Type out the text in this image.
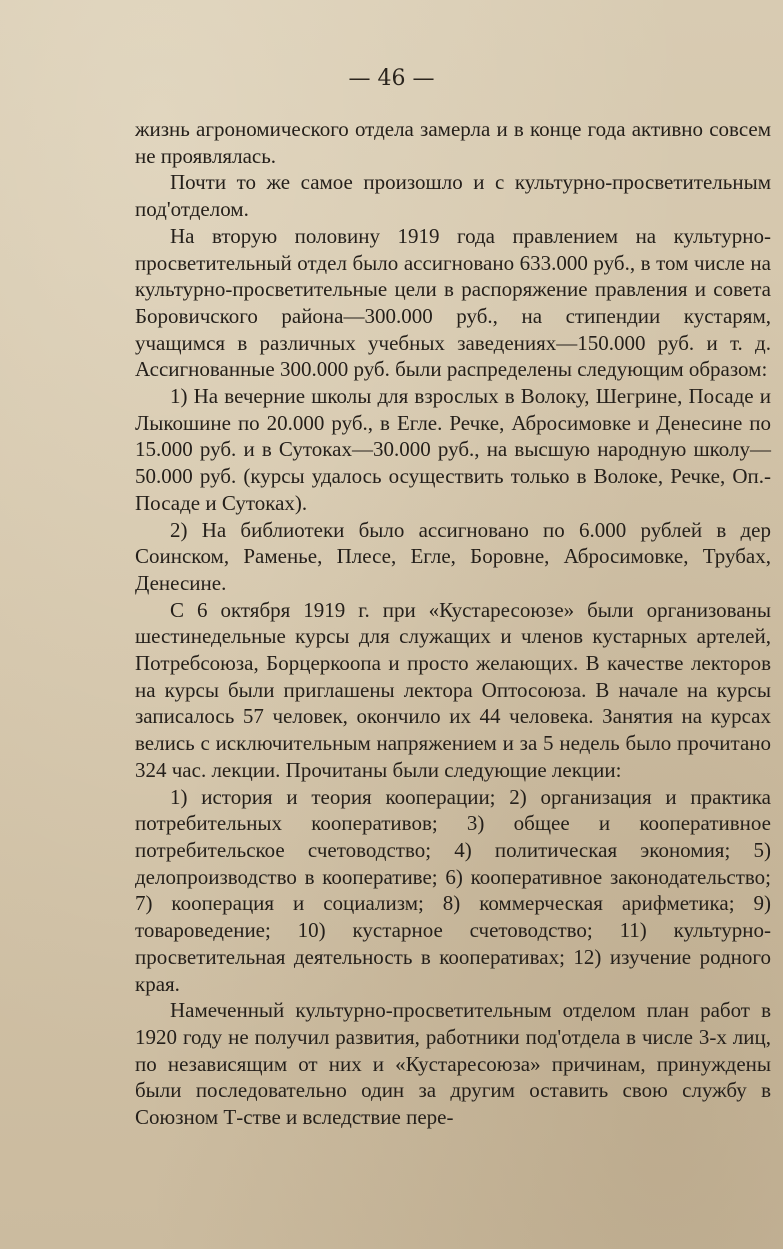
— 46 —

жизнь агрономического отдела замерла и в конце года активно совсем не проявлялась.

Почти то же самое произошло и с культурно-просветительным под'отделом.

На вторую половину 1919 года правлением на культурно-просветительный отдел было ассигновано 633.000 руб., в том числе на культурно-просветительные цели в распоряжение правления и совета Боровичского района—300.000 руб., на стипендии кустарям, учащимся в различных учебных заведениях—150.000 руб. и т. д. Ассигнованные 300.000 руб. были распределены следующим образом:

1) На вечерние школы для взрослых в Волоку, Шегрине, Посаде и Лыкошине по 20.000 руб., в Егле. Речке, Абросимовке и Денесине по 15.000 руб. и в Сутоках—30.000 руб., на высшую народную школу—50.000 руб. (курсы удалось осуществить только в Волоке, Речке, Оп.-Посаде и Сутоках).

2) На библиотеки было ассигновано по 6.000 рублей в дер Соинском, Раменье, Плесе, Егле, Боровне, Абросимовке, Трубах, Денесине.

С 6 октября 1919 г. при «Кустаресоюзе» были организованы шестинедельные курсы для служащих и членов кустарных артелей, Потребсоюза, Борцеркоопа и просто желающих. В качестве лекторов на курсы были приглашены лектора Оптосоюза. В начале на курсы записалось 57 человек, окончило их 44 человека. Занятия на курсах велись с исключительным напряжением и за 5 недель было прочитано 324 час. лекции. Прочитаны были следующие лекции:

1) история и теория кооперации; 2) организация и практика потребительных кооперативов; 3) общее и кооперативное потребительское счетоводство; 4) политическая экономия; 5) делопроизводство в кооперативе; 6) кооперативное законодательство; 7) кооперация и социализм; 8) коммерческая арифметика; 9) товароведение; 10) кустарное счетоводство; 11) культурно-просветительная деятельность в кооперативах; 12) изучение родного края.

Намеченный культурно-просветительным отделом план работ в 1920 году не получил развития, работники под'отдела в числе 3-х лиц, по независящим от них и «Кустаресоюза» причинам, принуждены были последовательно один за другим оставить свою службу в Союзном Т-стве и вследствие пере-
